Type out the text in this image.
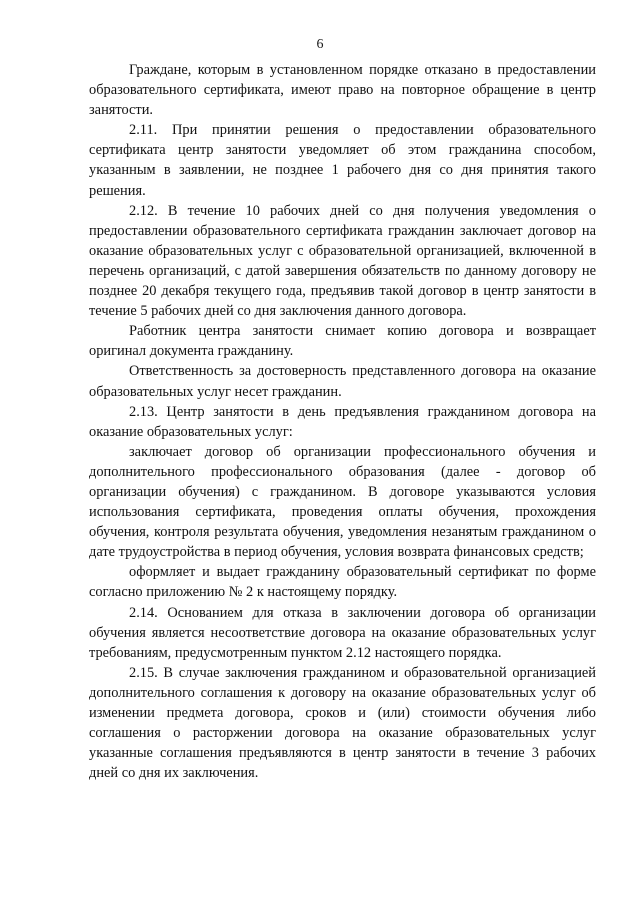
6

Граждане, которым в установленном порядке отказано в предоставлении образовательного сертификата, имеют право на повторное обращение в центр занятости.

2.11. При принятии решения о предоставлении образовательного сертификата центр занятости уведомляет об этом гражданина способом, указанным в заявлении, не позднее 1 рабочего дня со дня принятия такого решения.

2.12. В течение 10 рабочих дней со дня получения уведомления о предоставлении образовательного сертификата гражданин заключает договор на оказание образовательных услуг с образовательной организацией, включенной в перечень организаций, с датой завершения обязательств по данному договору не позднее 20 декабря текущего года, предъявив такой договор в центр занятости в течение 5 рабочих дней со дня заключения данного договора.

Работник центра занятости снимает копию договора и возвращает оригинал документа гражданину.

Ответственность за достоверность представленного договора на оказание образовательных услуг несет гражданин.

2.13. Центр занятости в день предъявления гражданином договора на оказание образовательных услуг:

заключает договор об организации профессионального обучения и дополнительного профессионального образования (далее - договор об организации обучения) с гражданином. В договоре указываются условия использования сертификата, проведения оплаты обучения, прохождения обучения, контроля результата обучения, уведомления незанятым гражданином о дате трудоустройства в период обучения, условия возврата финансовых средств;

оформляет и выдает гражданину образовательный сертификат по форме согласно приложению № 2 к настоящему порядку.

2.14. Основанием для отказа в заключении договора об организации обучения является несоответствие договора на оказание образовательных услуг требованиям, предусмотренным пунктом 2.12 настоящего порядка.

2.15. В случае заключения гражданином и образовательной организацией дополнительного соглашения к договору на оказание образовательных услуг об изменении предмета договора, сроков и (или) стоимости обучения либо соглашения о расторжении договора на оказание образовательных услуг указанные соглашения предъявляются в центр занятости в течение 3 рабочих дней со дня их заключения.
